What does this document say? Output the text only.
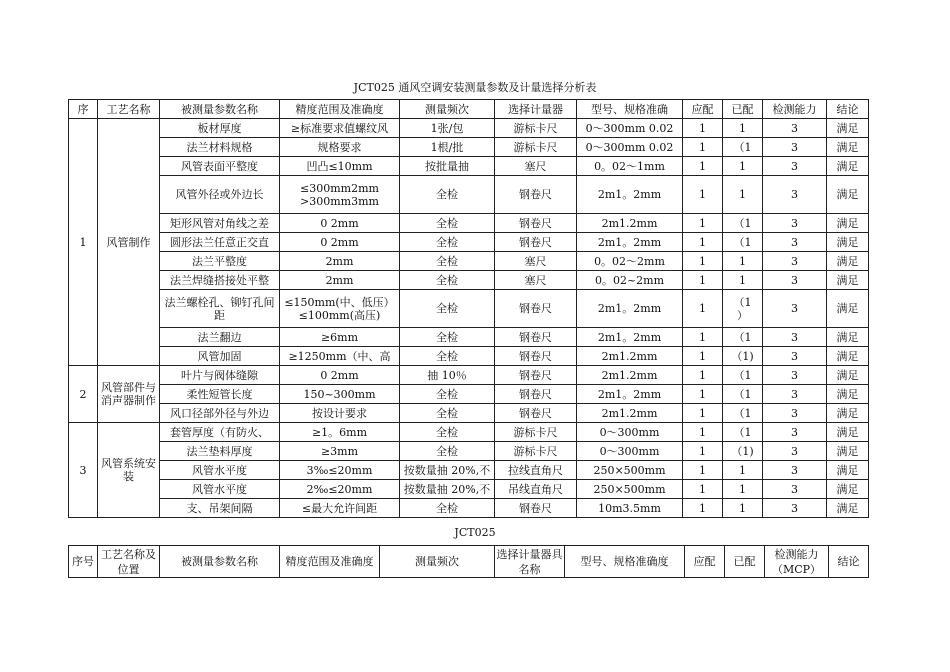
JCT025 通风空调安装测量参数及计量选择分析表
序	工艺名称	被测量参数名称	精度范围及准确度	测量频次	选择计量器	型号、规格准确	应配	已配	检测能力	结论
1	风管制作	板材厚度	≥标准要求值螺纹风	1张/包	游标卡尺	0～300mm 0.02	1	1	3	满足
		法兰材料规格	规格要求	1根/批	游标卡尺	0～300mm 0.02	1	（1	3	满足
		风管表面平整度	凹凸≤10mm	按批量抽	塞尺	0。02～1mm	1	1	3	满足
		风管外径或外边长	≤300mm2mm
>300mm3mm	全检	钢卷尺	2m1。2mm	1	1	3	满足
		矩形风管对角线之差	0 2mm	全检	钢卷尺	2m1.2mm	1	（1	3	满足
		圆形法兰任意正交直	0 2mm	全检	钢卷尺	2m1。2mm	1	（1	3	满足
		法兰平整度	2mm	全检	塞尺	0。02～2mm	1	1	3	满足
		法兰焊缝搭接处平整	2mm	全检	塞尺	0。02~2mm	1	1	3	满足
		法兰螺栓孔、铆钉孔间距	≤150mm(中、低压）≤100mm(高压)	全检	钢卷尺	2m1。2mm	1	（1
）	3	满足
		法兰翻边	≥6mm	全检	钢卷尺	2m1。2mm	1	（1	3	满足
		风管加固	≥1250mm（中、高	全检	钢卷尺	2m1.2mm	1	（1)	3	满足
2	风管部件与消声器制作	叶片与阀体缝隙	0 2mm	抽 10％	钢卷尺	2m1.2mm	1	（1	3	满足
		柔性短管长度	150~300mm	全检	钢卷尺	2m1。2mm	1	（1	3	满足
		风口径部外径与外边	按设计要求	全检	钢卷尺	2m1.2mm	1	（1	3	满足
3	风管系统安装	套管厚度（有防火、	≥1。6mm	全检	游标卡尺	0～300mm	1	（1	3	满足
		法兰垫料厚度	≥3mm	全检	游标卡尺	0～300mm	1	（1)	3	满足
		风管水平度	3‰≤20mm	按数量抽 20%,不	拉线直角尺	250×500mm	1	1	3	满足
		风管水平度	2‰≤20mm	按数量抽 20%,不	吊线直角尺	250×500mm	1	1	3	满足
		支、吊架间隔	≤最大允许间距	全检	钢卷尺	10m3.5mm	1	1	3	满足
JCT025
序号	工艺名称及位置	被测量参数名称	精度范围及准确度	测量频次	选择计量器具名称	型号、规格准确度	应配	已配	检测能力（MCP）	结论
